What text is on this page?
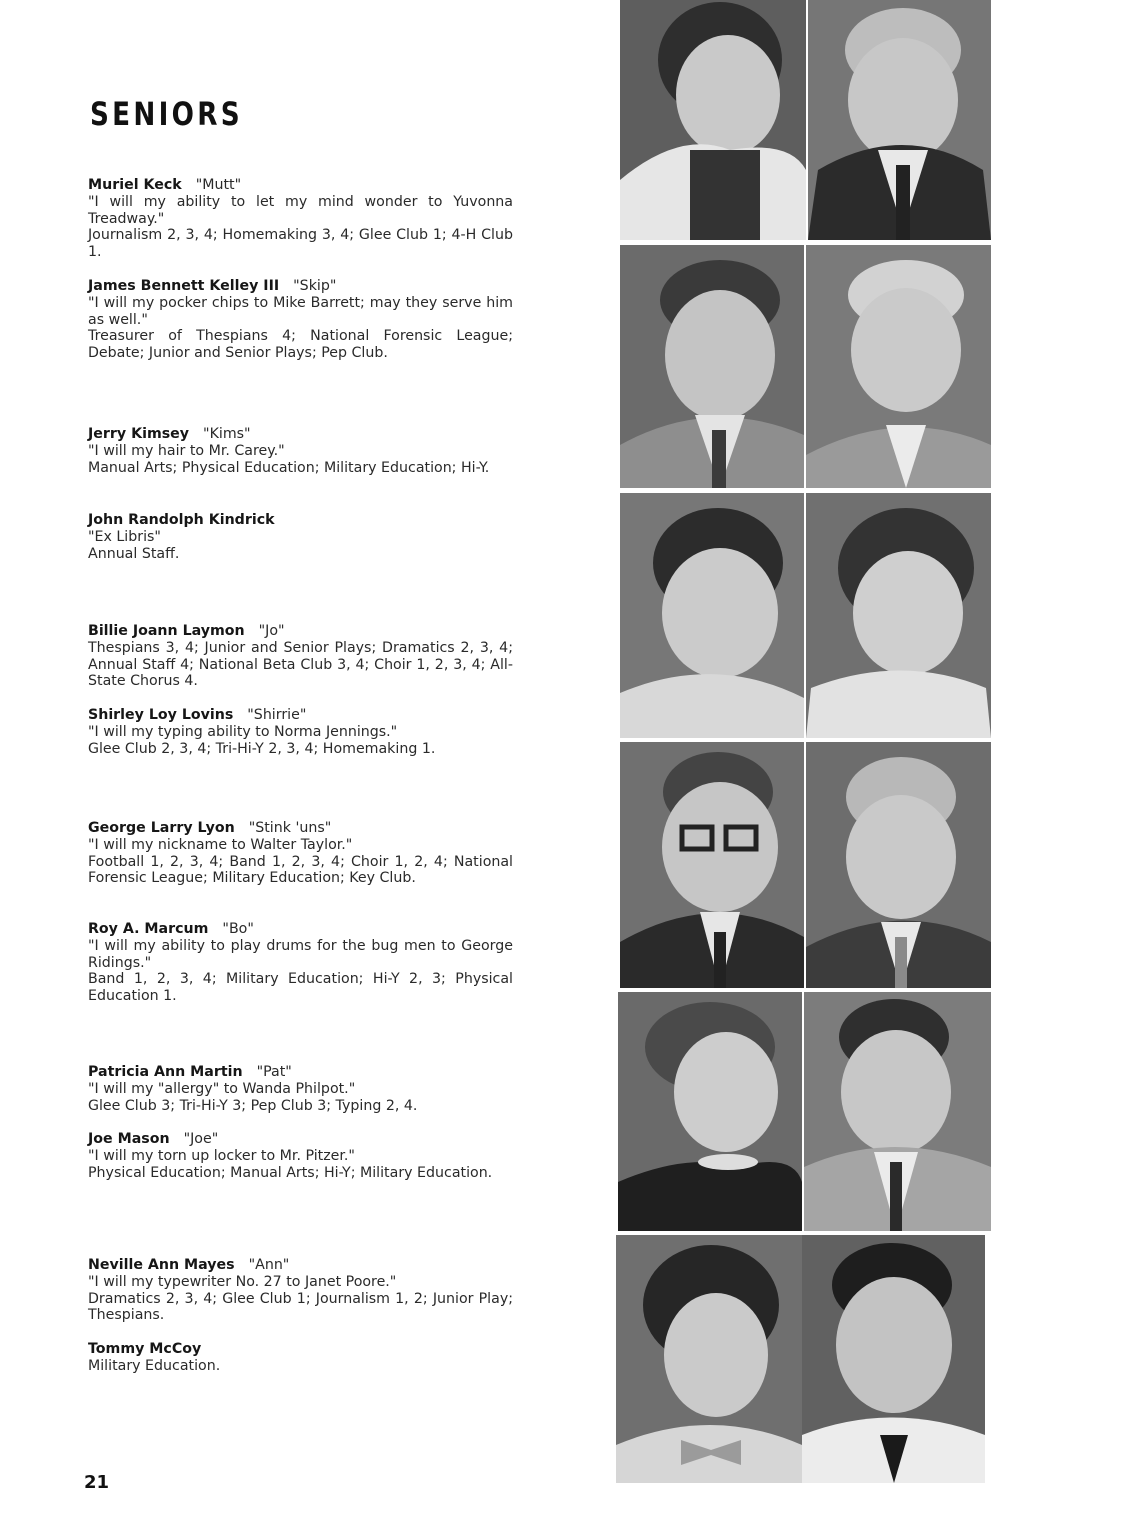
SENIORS
Muriel Keck "Mutt"
"I will my ability to let my mind wonder to Yuvonna Treadway."
Journalism 2, 3, 4; Homemaking 3, 4; Glee Club 1; 4-H Club 1.
James Bennett Kelley III "Skip"
"I will my pocker chips to Mike Barrett; may they serve him as well."
Treasurer of Thespians 4; National Forensic League; Debate; Junior and Senior Plays; Pep Club.
Jerry Kimsey "Kims"
"I will my hair to Mr. Carey."
Manual Arts; Physical Education; Military Education; Hi-Y.
John Randolph Kindrick
"Ex Libris"
Annual Staff.
Billie Joann Laymon "Jo"
Thespians 3, 4; Junior and Senior Plays; Dramatics 2, 3, 4; Annual Staff 4; National Beta Club 3, 4; Choir 1, 2, 3, 4; All-State Chorus 4.
Shirley Loy Lovins "Shirrie"
"I will my typing ability to Norma Jennings."
Glee Club 2, 3, 4; Tri-Hi-Y 2, 3, 4; Homemaking 1.
George Larry Lyon "Stink 'uns"
"I will my nickname to Walter Taylor."
Football 1, 2, 3, 4; Band 1, 2, 3, 4; Choir 1, 2, 4; National Forensic League; Military Education; Key Club.
Roy A. Marcum "Bo"
"I will my ability to play drums for the bug men to George Ridings."
Band 1, 2, 3, 4; Military Education; Hi-Y 2, 3; Physical Education 1.
Patricia Ann Martin "Pat"
"I will my "allergy" to Wanda Philpot."
Glee Club 3; Tri-Hi-Y 3; Pep Club 3; Typing 2, 4.
Joe Mason "Joe"
"I will my torn up locker to Mr. Pitzer."
Physical Education; Manual Arts; Hi-Y; Military Education.
Neville Ann Mayes "Ann"
"I will my typewriter No. 27 to Janet Poore."
Dramatics 2, 3, 4; Glee Club 1; Journalism 1, 2; Junior Play; Thespians.
Tommy McCoy
Military Education.
21
